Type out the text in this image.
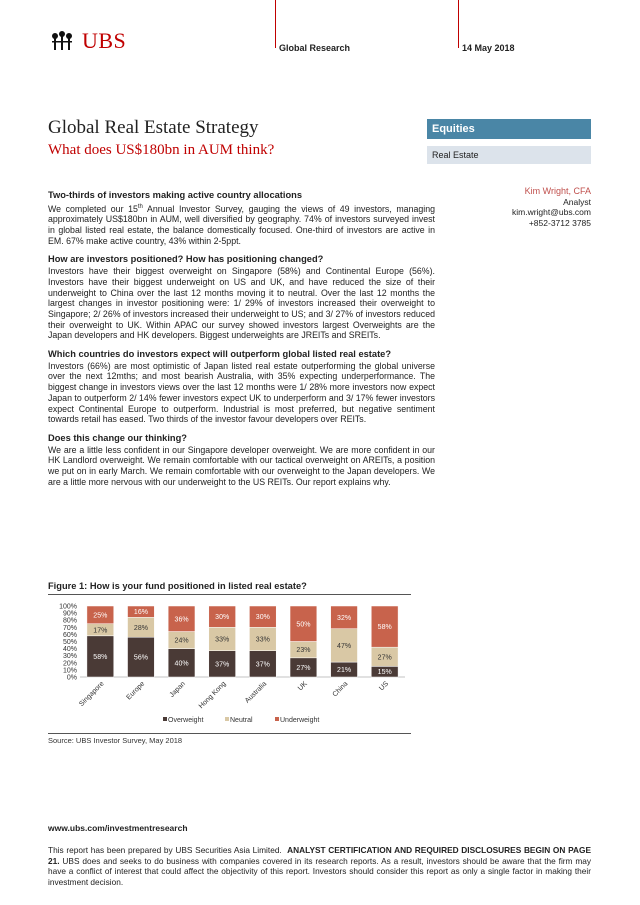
UBS	Global Research	14 May 2018
Global Real Estate Strategy
What does US$180bn in AUM think?
Equities
Real Estate
Kim Wright, CFA
Analyst
kim.wright@ubs.com
+852-3712 3785
Two-thirds of investors making active country allocations

We completed our 15th Annual Investor Survey, gauging the views of 49 investors, managing approximately US$180bn in AUM, well diversified by geography. 74% of investors surveyed invest in global listed real estate, the balance domestically focused. One-third of investors are active in EM. 67% make active country, 43% within 2-5ppt.

How are investors positioned? How has positioning changed?

Investors have their biggest overweight on Singapore (58%) and Continental Europe (56%). Investors have their biggest underweight on US and UK, and have reduced the size of their underweight to China over the last 12 months moving it to neutral. Over the last 12 months the largest changes in investor positioning were: 1/ 29% of investors increased their overweight to Singapore; 2/ 26% of investors increased their underweight to US; and 3/ 27% of investors reduced their overweight to UK. Within APAC our survey showed investors largest Overweights are the Japan developers and HK developers. Biggest underweights are JREITs and SREITs.

Which countries do investors expect will outperform global listed real estate?

Investors (66%) are most optimistic of Japan listed real estate outperforming the global universe over the next 12mths; and most bearish Australia, with 35% expecting underperformance. The biggest change in investors views over the last 12 months were 1/ 28% more investors now expect Japan to outperform 2/ 14% fewer investors expect UK to underperform and 3/ 17% fewer investors expect Continental Europe to outperform. Industrial is most preferred, but negative sentiment towards retail has eased. Two thirds of the investor favour developers over REITs.

Does this change our thinking?

We are a little less confident in our Singapore developer overweight. We are more confident in our HK Landlord overweight. We remain comfortable with our tactical overweight on AREITs, a position we put on in early March. We remain comfortable with our overweight to the Japan developers. We are a little more nervous with our underweight to the US REITs. Our report explains why.

Figure 1: How is your fund positioned in listed real estate?
0%
10%
20%
30%
40%
50%
60%
70%
80%
90%
100%
58%
17%
25%
Singapore
56%
28%
16%
Europe
40%
24%
36%
Japan
37%
33%
30%
Hong Kong
37%
33%
30%
Australia
27%
23%
50%
UK
21%
47%
32%
China
15%
27%
58%
US
Overweight	Neutral	Underweight
Source: UBS Investor Survey, May 2018
www.ubs.com/investmentresearch
This report has been prepared by UBS Securities Asia Limited. ANALYST CERTIFICATION AND REQUIRED DISCLOSURES BEGIN ON PAGE 21. UBS does and seeks to do business with companies covered in its research reports. As a result, investors should be aware that the firm may have a conflict of interest that could affect the objectivity of this report. Investors should consider this report as only a single factor in making their investment decision.
